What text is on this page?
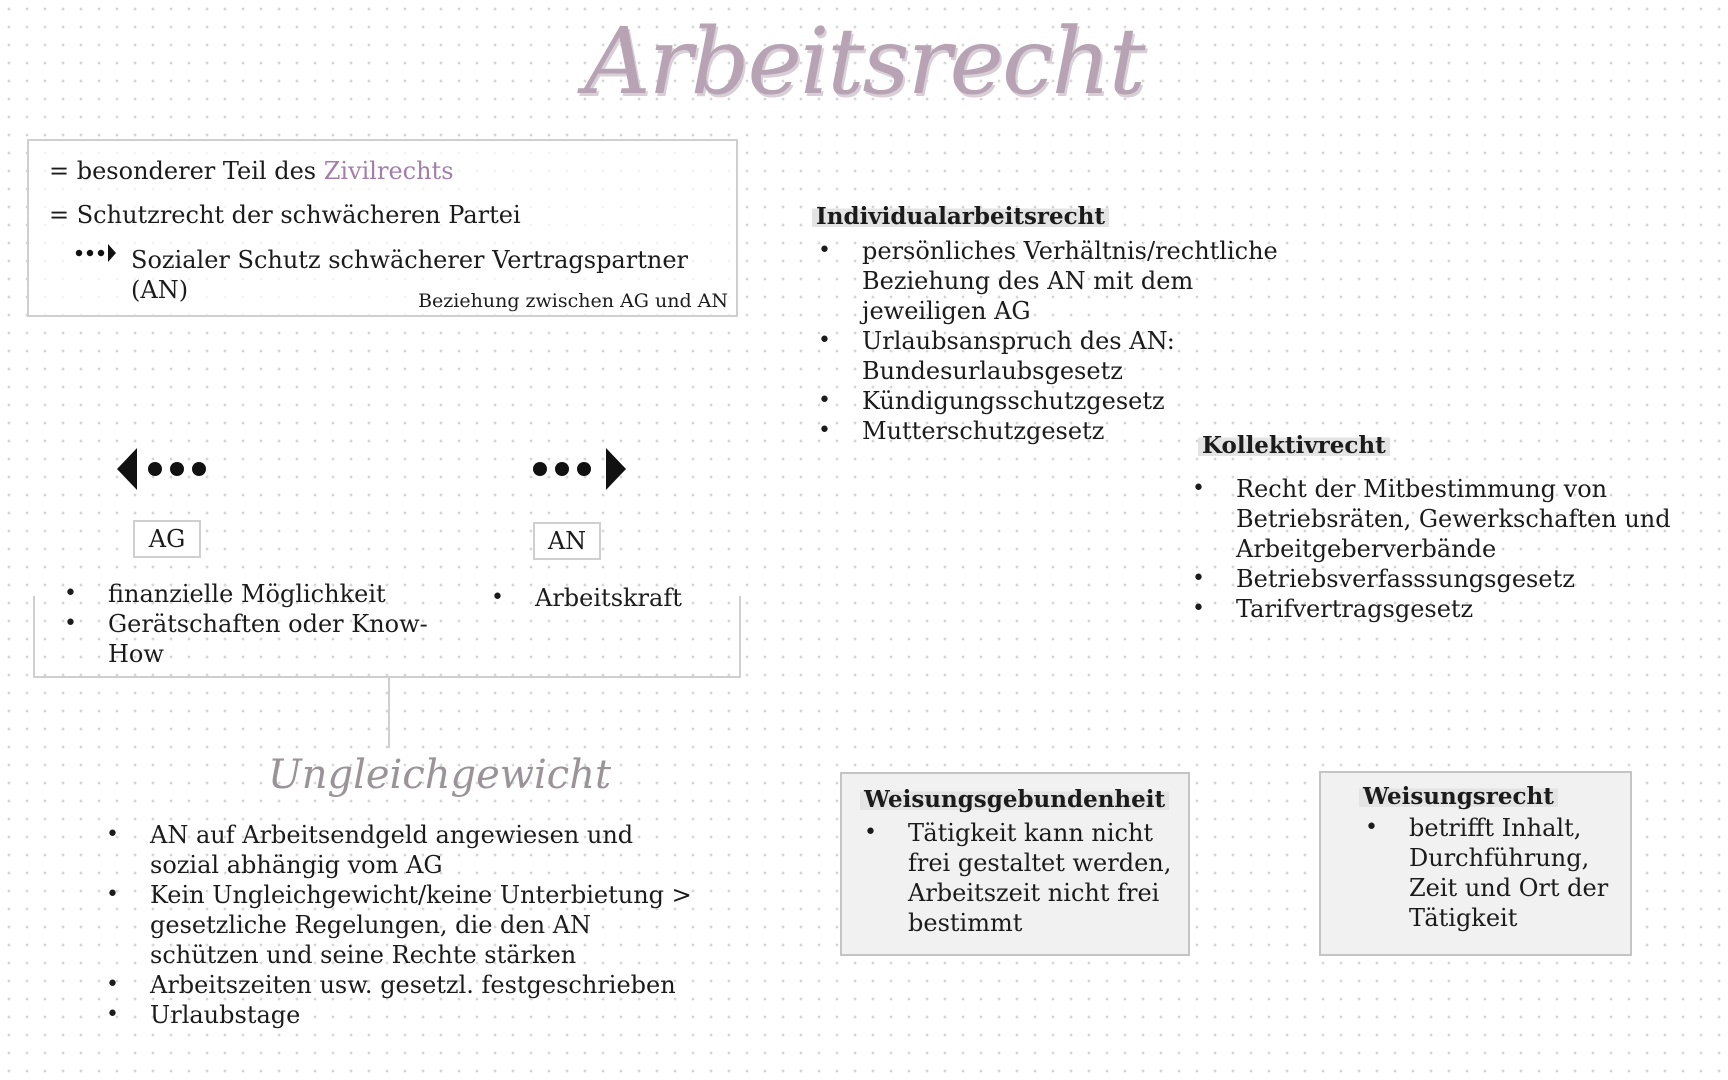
Arbeitsrecht

= besonderer Teil des Zivilrechts

= Schutzrecht der schwächeren Partei

Sozialer Schutz schwächerer Vertragspartner (AN)	Beziehung zwischen AG und AN

AG	AN
• finanzielle Möglichkeit
• Gerätschaften oder Know-How
• Arbeitskraft
Ungleichgewicht
• AN auf Arbeitsendgeld angewiesen und sozial abhängig vom AG
• Kein Ungleichgewicht/keine Unterbietung > gesetzliche Regelungen, die den AN schützen und seine Rechte stärken
• Arbeitszeiten usw. gesetzl. festgeschrieben
• Urlaubstage
Individualarbeitsrecht
• persönliches Verhältnis/rechtliche Beziehung des AN mit dem jeweiligen AG
• Urlaubsanspruch des AN: Bundesurlaubsgesetz
• Kündigungsschutzgesetz
• Mutterschutzgesetz
Kollektivrecht
• Recht der Mitbestimmung von Betriebsräten, Gewerkschaften und Arbeitgeberverbände
• Betriebsverfasssungsgesetz
• Tarifvertragsgesetz
Weisungsgebundenheit
• Tätigkeit kann nicht frei gestaltet werden, Arbeitszeit nicht frei bestimmt
Weisungsrecht
• betrifft Inhalt, Durchführung, Zeit und Ort der Tätigkeit
